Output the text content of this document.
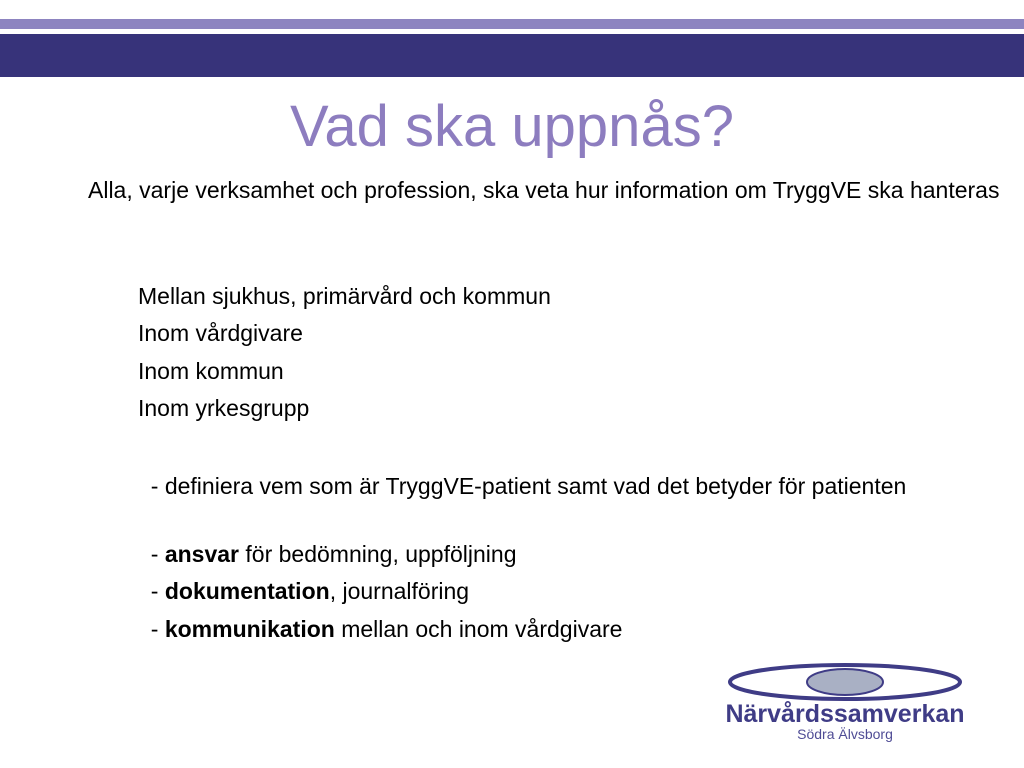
Vad ska uppnås?

Alla, varje verksamhet och profession, ska veta hur information om TryggVE ska hanteras

Mellan sjukhus, primärvård och kommun

Inom vårdgivare

Inom kommun

Inom yrkesgrupp

- definiera vem som är TryggVE-patient samt vad det betyder för patienten

- ansvar för bedömning, uppföljning

- dokumentation, journalföring

- kommunikation mellan och inom vårdgivare

Närvårdssamverkan
Södra Älvsborg
